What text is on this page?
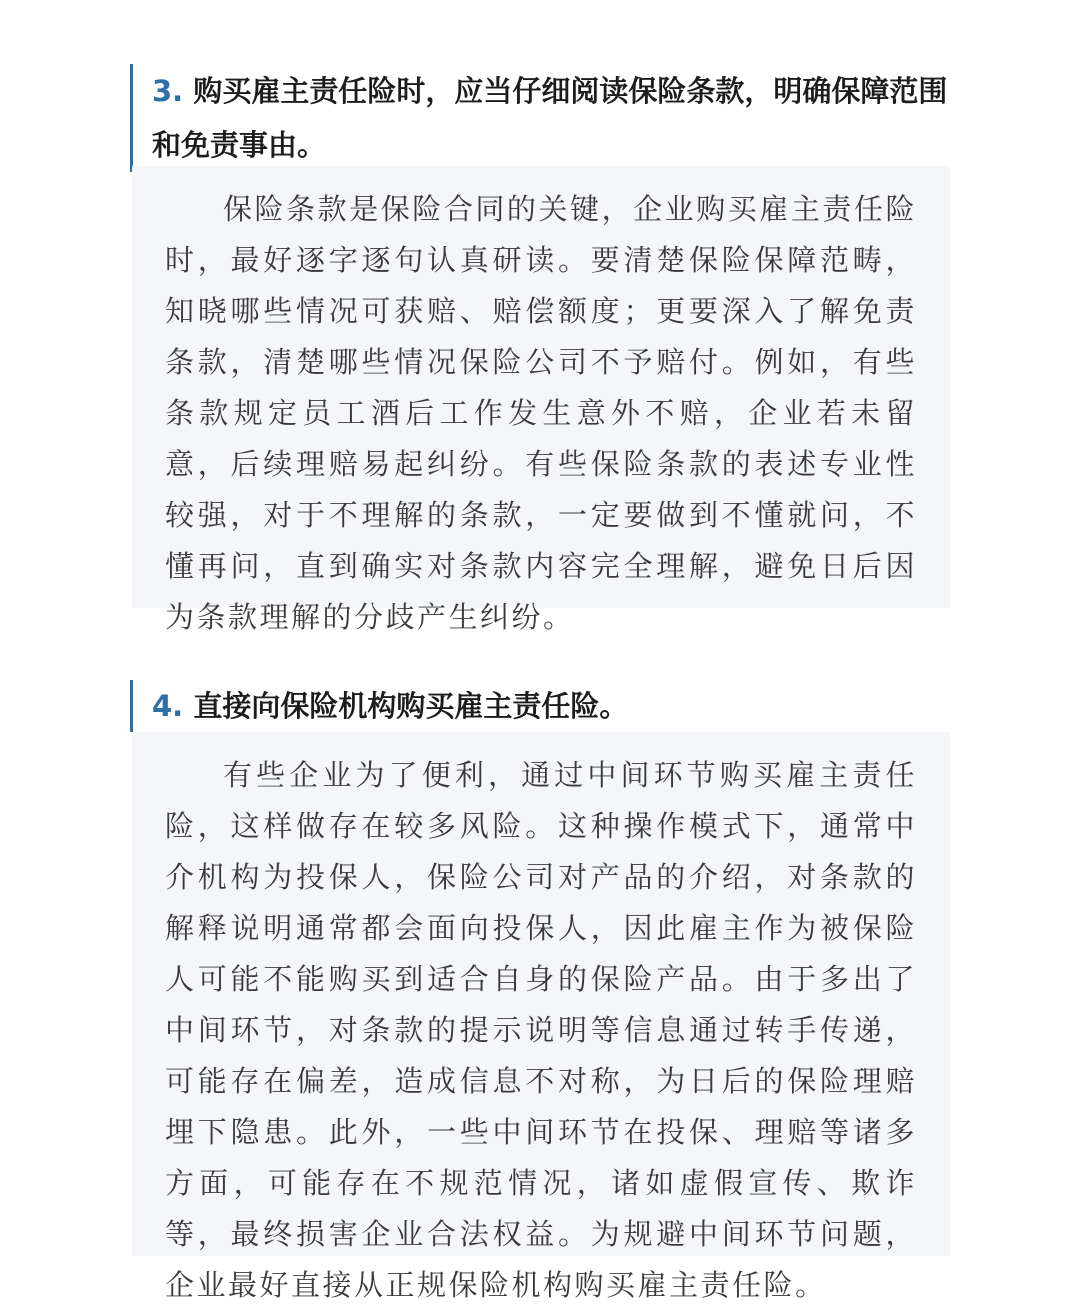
3. 购买雇主责任险时，应当仔细阅读保险条款，明确保障范围和免责事由。

保险条款是保险合同的关键，企业购买雇主责任险时，最好逐字逐句认真研读。要清楚保险保障范畴，知晓哪些情况可获赔、赔偿额度；更要深入了解免责条款，清楚哪些情况保险公司不予赔付。例如，有些条款规定员工酒后工作发生意外不赔，企业若未留意，后续理赔易起纠纷。有些保险条款的表述专业性较强，对于不理解的条款，一定要做到不懂就问，不懂再问，直到确实对条款内容完全理解，避免日后因为条款理解的分歧产生纠纷。

4. 直接向保险机构购买雇主责任险。

有些企业为了便利，通过中间环节购买雇主责任险，这样做存在较多风险。这种操作模式下，通常中介机构为投保人，保险公司对产品的介绍，对条款的解释说明通常都会面向投保人，因此雇主作为被保险人可能不能购买到适合自身的保险产品。由于多出了中间环节，对条款的提示说明等信息通过转手传递，可能存在偏差，造成信息不对称，为日后的保险理赔埋下隐患。此外，一些中间环节在投保、理赔等诸多方面，可能存在不规范情况，诸如虚假宣传、欺诈等，最终损害企业合法权益。为规避中间环节问题，企业最好直接从正规保险机构购买雇主责任险。
